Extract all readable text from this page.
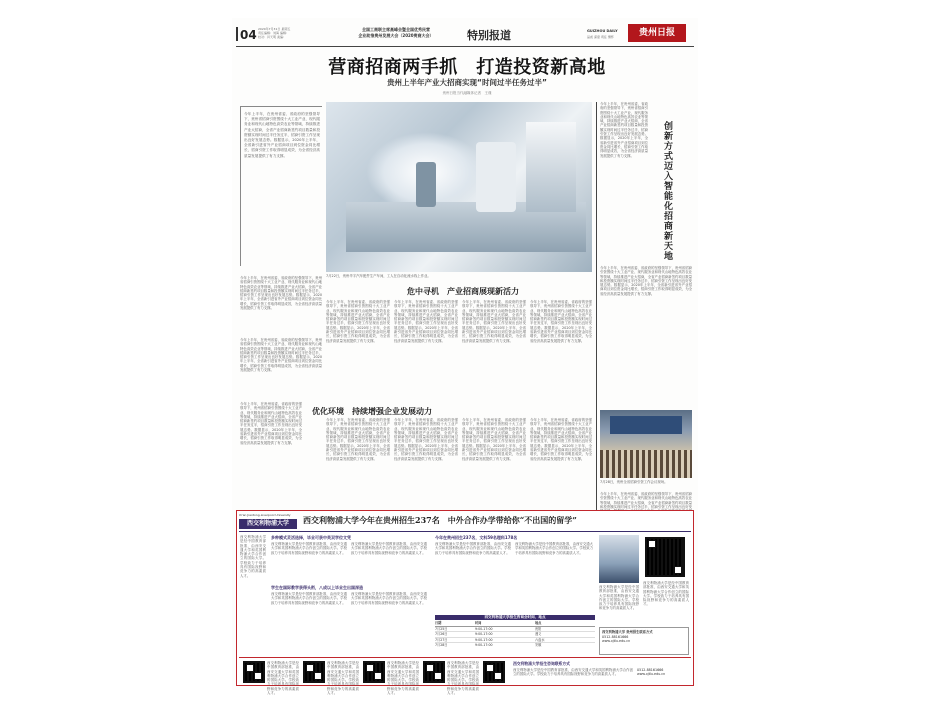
04 2020年7月31日 星期五
责任编辑：刘海 编辑：
校对：肖天明 美编：
全国工商联主席高峰会暨全国优秀民营
企业助推贵州发展大会（2020贵商大会）	特别报道	GUIZHOU DAILY
品质 深度 责任 情怀	贵州日报
营商招商两手抓　打造投资新高地
贵州上半年产业大招商实现“时间过半任务过半”
贵州日报当代融媒体记者　王谨
今年上半年，在贵州省委、省政府的坚强领导下，贵州省招商引资围绕十大工业产业、现代服务业和现代山地特色高效农业等领域，持续推进产业大招商，全省产业招商新签约项目数量和投资额实现时间过半任务过半，招商引资工作呈现出良好发展态势。数据显示，2020年上半年，全省新引进省外产业招商项目到位资金同比增长，招商引资工作取得明显成效，为全省经济高质量发展提供了有力支撑。
7月22日，贵州华宇汽车配件生产车间，工人在自动化流水线上作业。
今年上半年，在贵州省委、省政府的坚强领导下，贵州省招商引资围绕十大工业产业、现代服务业和现代山地特色高效农业等领域，持续推进产业大招商，全省产业招商新签约项目数量和投资额实现时间过半任务过半，招商引资工作呈现出良好发展态势。数据显示，2020年上半年，全省新引进省外产业招商项目到位资金同比增长，招商引资工作取得明显成效，为全省经济高质量发展提供了有力支撑。
创新方式　迈入智能化招商新天地
今年上半年，在贵州省委、省政府的坚强领导下，贵州省招商引资围绕十大工业产业、现代服务业和现代山地特色高效农业等领域，持续推进产业大招商，全省产业招商新签约项目数量和投资额实现时间过半任务过半，招商引资工作呈现出良好发展态势。数据显示，2020年上半年，全省新引进省外产业招商项目到位资金同比增长，招商引资工作取得明显成效，为全省经济高质量发展提供了有力支撑。
今年上半年，在贵州省委、省政府的坚强领导下，贵州省招商引资围绕十大工业产业、现代服务业和现代山地特色高效农业等领域，持续推进产业大招商，全省产业招商新签约项目数量和投资额实现时间过半任务过半，招商引资工作呈现出良好发展态势。数据显示，2020年上半年，全省新引进省外产业招商项目到位资金同比增长，招商引资工作取得明显成效，为全省经济高质量发展提供了有力支撑。
今年上半年，在贵州省委、省政府的坚强领导下，贵州省招商引资围绕十大工业产业、现代服务业和现代山地特色高效农业等领域，持续推进产业大招商，全省产业招商新签约项目数量和投资额实现时间过半任务过半，招商引资工作呈现出良好发展态势。数据显示，2020年上半年，全省新引进省外产业招商项目到位资金同比增长，招商引资工作取得明显成效，为全省经济高质量发展提供了有力支撑。
危中寻机　产业招商展现新活力
今年上半年，在贵州省委、省政府的坚强领导下，贵州省招商引资围绕十大工业产业、现代服务业和现代山地特色高效农业等领域，持续推进产业大招商，全省产业招商新签约项目数量和投资额实现时间过半任务过半，招商引资工作呈现出良好发展态势。数据显示，2020年上半年，全省新引进省外产业招商项目到位资金同比增长，招商引资工作取得明显成效，为全省经济高质量发展提供了有力支撑。
今年上半年，在贵州省委、省政府的坚强领导下，贵州省招商引资围绕十大工业产业、现代服务业和现代山地特色高效农业等领域，持续推进产业大招商，全省产业招商新签约项目数量和投资额实现时间过半任务过半，招商引资工作呈现出良好发展态势。数据显示，2020年上半年，全省新引进省外产业招商项目到位资金同比增长，招商引资工作取得明显成效，为全省经济高质量发展提供了有力支撑。
今年上半年，在贵州省委、省政府的坚强领导下，贵州省招商引资围绕十大工业产业、现代服务业和现代山地特色高效农业等领域，持续推进产业大招商，全省产业招商新签约项目数量和投资额实现时间过半任务过半，招商引资工作呈现出良好发展态势。数据显示，2020年上半年，全省新引进省外产业招商项目到位资金同比增长，招商引资工作取得明显成效，为全省经济高质量发展提供了有力支撑。
今年上半年，在贵州省委、省政府的坚强领导下，贵州省招商引资围绕十大工业产业、现代服务业和现代山地特色高效农业等领域，持续推进产业大招商，全省产业招商新签约项目数量和投资额实现时间过半任务过半，招商引资工作呈现出良好发展态势。数据显示，2020年上半年，全省新引进省外产业招商项目到位资金同比增长，招商引资工作取得明显成效，为全省经济高质量发展提供了有力支撑。
优化环境　持续增强企业发展动力
今年上半年，在贵州省委、省政府的坚强领导下，贵州省招商引资围绕十大工业产业、现代服务业和现代山地特色高效农业等领域，持续推进产业大招商，全省产业招商新签约项目数量和投资额实现时间过半任务过半，招商引资工作呈现出良好发展态势。数据显示，2020年上半年，全省新引进省外产业招商项目到位资金同比增长，招商引资工作取得明显成效，为全省经济高质量发展提供了有力支撑。
今年上半年，在贵州省委、省政府的坚强领导下，贵州省招商引资围绕十大工业产业、现代服务业和现代山地特色高效农业等领域，持续推进产业大招商，全省产业招商新签约项目数量和投资额实现时间过半任务过半，招商引资工作呈现出良好发展态势。数据显示，2020年上半年，全省新引进省外产业招商项目到位资金同比增长，招商引资工作取得明显成效，为全省经济高质量发展提供了有力支撑。
今年上半年，在贵州省委、省政府的坚强领导下，贵州省招商引资围绕十大工业产业、现代服务业和现代山地特色高效农业等领域，持续推进产业大招商，全省产业招商新签约项目数量和投资额实现时间过半任务过半，招商引资工作呈现出良好发展态势。数据显示，2020年上半年，全省新引进省外产业招商项目到位资金同比增长，招商引资工作取得明显成效，为全省经济高质量发展提供了有力支撑。
今年上半年，在贵州省委、省政府的坚强领导下，贵州省招商引资围绕十大工业产业、现代服务业和现代山地特色高效农业等领域，持续推进产业大招商，全省产业招商新签约项目数量和投资额实现时间过半任务过半，招商引资工作呈现出良好发展态势。数据显示，2020年上半年，全省新引进省外产业招商项目到位资金同比增长，招商引资工作取得明显成效，为全省经济高质量发展提供了有力支撑。
今年上半年，在贵州省委、省政府的坚强领导下，贵州省招商引资围绕十大工业产业、现代服务业和现代山地特色高效农业等领域，持续推进产业大招商，全省产业招商新签约项目数量和投资额实现时间过半任务过半，招商引资工作呈现出良好发展态势。数据显示，2020年上半年，全省新引进省外产业招商项目到位资金同比增长，招商引资工作取得明显成效，为全省经济高质量发展提供了有力支撑。
7月28日，贵州全省招商引资工作会议现场。
今年上半年，在贵州省委、省政府的坚强领导下，贵州省招商引资围绕十大工业产业、现代服务业和现代山地特色高效农业等领域，持续推进产业大招商，全省产业招商新签约项目数量和投资额实现时间过半任务过半，招商引资工作呈现出良好发
Xi'an Jiaotong-Liverpool University
西交利物浦大学	西交利物浦大学今年在贵州招生237名　中外合作办学带给你“不出国的留学”
西交利物浦大学是经中国教育部批准，由西安交通大学和英国利物浦大学合作创立的国际大学。学校致力于培养具有国际视野和竞争力的高素质人才。
多种模式灵活选择，毕业可获中英双学位文凭
西交利物浦大学是经中国教育部批准，由西安交通大学和英国利物浦大学合作创立的国际大学。学校致力于培养具有国际视野和竞争力的高素质人才。
西交利物浦大学是经中国教育部批准，由西安交通大学和英国利物浦大学合作创立的国际大学。学校致力于培养具有国际视野和竞争力的高素质人才。
学生在国际教学获得头衔，八成以上毕业生出国深造
西交利物浦大学是经中国教育部批准，由西安交通大学和英国利物浦大学合作创立的国际大学。学校致力于培养具有国际视野和竞争力的高素质人才。
西交利物浦大学是经中国教育部批准，由西安交通大学和英国利物浦大学合作创立的国际大学。学校致力于培养具有国际视野和竞争力的高素质人才。
今年在贵州招生237名，文科59名理科178名
西交利物浦大学是经中国教育部批准，由西安交通大学和英国利物浦大学合作创立的国际大学。学校致力于培养具有国际视野和竞争力的高素质人才。
西交利物浦大学是经中国教育部批准，由西安交通大学和英国利物浦大学合作创立的国际大学。学校致力于培养具有国际视野和竞争力的高素质人才。
西交利物浦大学招生咨询会时间、地点
日期	时间	地点
7月25日	9:00-17:00	贵阳
7月26日	9:00-17:00	遵义
7月27日	9:00-17:00	六盘水
7月28日	9:00-17:00	安顺
西交利物浦大学是经中国教育部批准，由西安交通大学和英国利物浦大学合作创立的国际大学。学校致力于培养具有国际视野和竞争力的高素质人才。
西交利物浦大学是经中国教育部批准，由西安交通大学和英国利物浦大学合作创立的国际大学。学校致力于培养具有国际视野和竞争力的高素质人才。
西交利物浦大学 贵州招生联系方式
0512-88161666
www.xjtlu.edu.cn
西交利物浦大学是经中国教育部批准，由西安交通大学和英国利物浦大学合作创立的国际大学。学校致力于培养具有国际视野和竞争力的高素质人才。
西交利物浦大学是经中国教育部批准，由西安交通大学和英国利物浦大学合作创立的国际大学。学校致力于培养具有国际视野和竞争力的高素质人才。
西交利物浦大学是经中国教育部批准，由西安交通大学和英国利物浦大学合作创立的国际大学。学校致力于培养具有国际视野和竞争力的高素质人才。
西交利物浦大学是经中国教育部批准，由西安交通大学和英国利物浦大学合作创立的国际大学。学校致力于培养具有国际视野和竞争力的高素质人才。
西交利物浦大学招生咨询联系方式
西交利物浦大学是经中国教育部批准，由西安交通大学和英国利物浦大学合作创立的国际大学。学校致力于培养具有国际视野和竞争力的高素质人才。
0512-88161666
www.xjtlu.edu.cn
